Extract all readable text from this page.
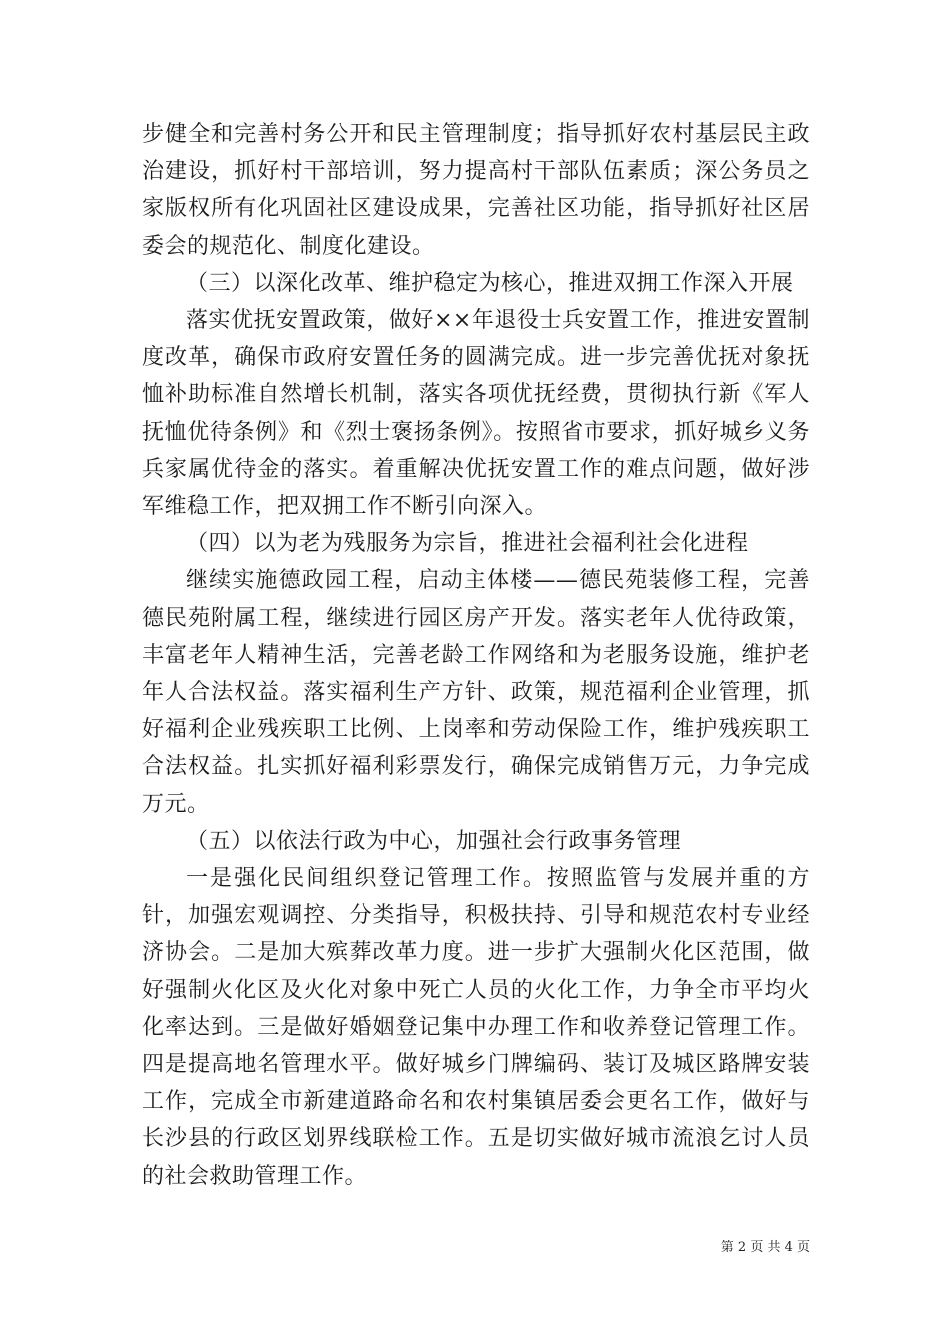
步健全和完善村务公开和民主管理制度；指导抓好农村基层民主政治建设，抓好村干部培训，努力提高村干部队伍素质；深公务员之家版权所有化巩固社区建设成果，完善社区功能，指导抓好社区居委会的规范化、制度化建设。

（三）以深化改革、维护稳定为核心，推进双拥工作深入开展

落实优抚安置政策，做好××年退役士兵安置工作，推进安置制度改革，确保市政府安置任务的圆满完成。进一步完善优抚对象抚恤补助标准自然增长机制，落实各项优抚经费，贯彻执行新《军人抚恤优待条例》和《烈士褒扬条例》。按照省市要求，抓好城乡义务兵家属优待金的落实。着重解决优抚安置工作的难点问题，做好涉军维稳工作，把双拥工作不断引向深入。

（四）以为老为残服务为宗旨，推进社会福利社会化进程

继续实施德政园工程，启动主体楼——德民苑装修工程，完善德民苑附属工程，继续进行园区房产开发。落实老年人优待政策，丰富老年人精神生活，完善老龄工作网络和为老服务设施，维护老年人合法权益。落实福利生产方针、政策，规范福利企业管理，抓好福利企业残疾职工比例、上岗率和劳动保险工作，维护残疾职工合法权益。扎实抓好福利彩票发行，确保完成销售万元，力争完成万元。

（五）以依法行政为中心，加强社会行政事务管理

一是强化民间组织登记管理工作。按照监管与发展并重的方针，加强宏观调控、分类指导，积极扶持、引导和规范农村专业经济协会。二是加大殡葬改革力度。进一步扩大强制火化区范围，做好强制火化区及火化对象中死亡人员的火化工作，力争全市平均火化率达到。三是做好婚姻登记集中办理工作和收养登记管理工作。四是提高地名管理水平。做好城乡门牌编码、装订及城区路牌安装工作，完成全市新建道路命名和农村集镇居委会更名工作，做好与长沙县的行政区划界线联检工作。五是切实做好城市流浪乞讨人员的社会救助管理工作。

第 2 页 共 4 页
